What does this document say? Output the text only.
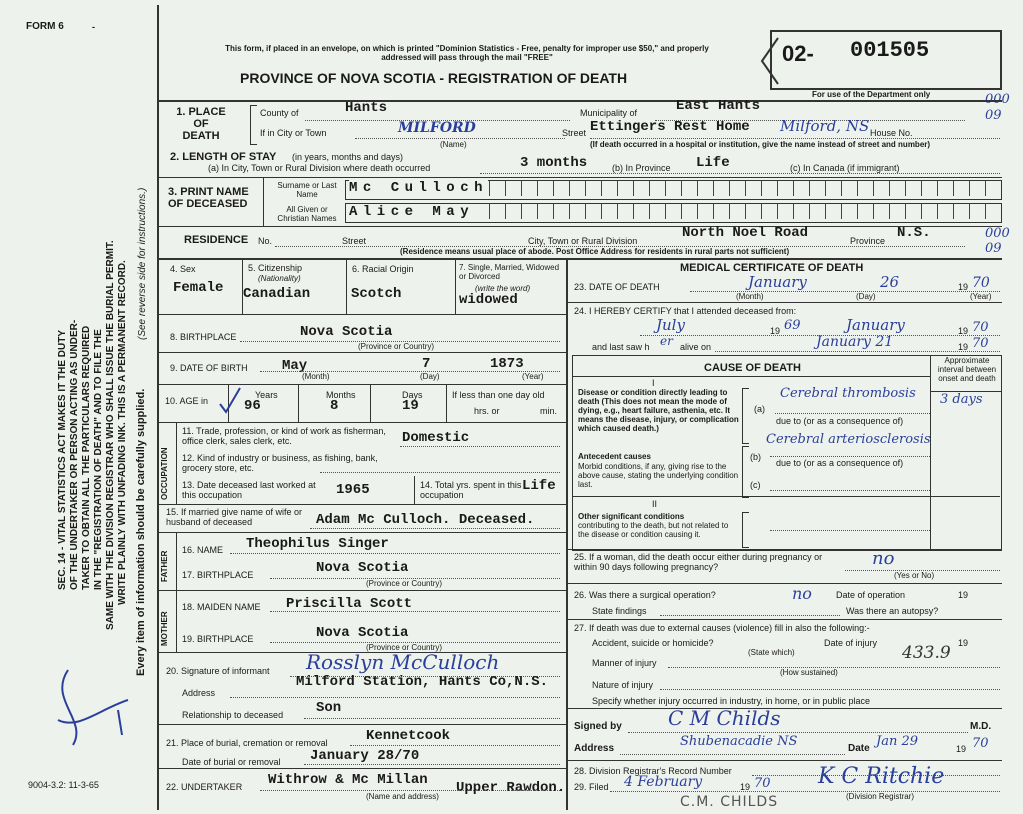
FORM 6	-
SEC. 14 - VITAL STATISTICS ACT MAKES IT THE DUTY OF THE UNDERTAKER OR PERSON ACTING AS UNDER- TAKER TO OBTAIN ALL THE PARTICULARS REQUIRED IN THE "REGISTRATION OF DEATH" AND TO FILE THE SAME WITH THE DIVISION REGISTRAR WHO SHALL ISSUE THE BURIAL PERMIT. WRITE PLAINLY WITH UNFADING INK. THIS IS A PERMANENT RECORD. Every item of information should be carefully supplied.
(See reverse side for instructions.)
9004-3.2: 11-3-65
This form, if placed in an envelope, on which is printed "Dominion Statistics - Free, penalty for improper use $50," and properly addressed will pass through the mail "FREE"
PROVINCE OF NOVA SCOTIA - REGISTRATION OF DEATH
02- 001505
For use of the Department only	000
09
1. PLACE OF DEATH
County of	Hants	Municipality of	East Hants
If in City or Town	MILFORD
(Name)
Street Ettingers Rest Home Milford, NS House No.
(If death occurred in a hospital or institution, give the name instead of street and number)
2. LENGTH OF STAY (in years, months and days)
(a) In City, Town or Rural Division where death occurred	3 months	(b) In Province Life	(c) In Canada (if immigrant)
3. PRINT NAME OF DECEASED
Surname or Last Name
All Given or Christian Names
Mc Culloch
Alice May
RESIDENCE No.	Street	City, Town or Rural Division	North Noel Road	Province N.S.	000
09
(Residence means usual place of abode. Post Office Address for residents in rural parts not sufficient)
4. Sex
Female
5. Citizenship
(Nationality)
Canadian
6. Racial Origin
Scotch
7. Single, Married, Widowed or Divorced
(write the word)
widowed
8. BIRTHPLACE	Nova Scotia
(Province or Country)
9. DATE OF BIRTH May	7	1873
(Month)	(Day)	(Year)
10. AGE in
Years	Months	Days
96	8	19
If less than one day old
hrs. or	min.
OCCUPATION
11. Trade, profession, or kind of work as fisherman, office clerk, sales clerk, etc.	Domestic
12. Kind of industry or business, as fishing, bank, grocery store, etc.
13. Date deceased last worked at this occupation	1965	14. Total yrs. spent in this occupation
Life
15. If married give name of wife or husband of deceased	Adam Mc Culloch. Deceased.
FATHER
16. NAME Theophilus Singer
17. BIRTHPLACE	Nova Scotia
(Province or Country)
MOTHER
18. MAIDEN NAME Priscilla Scott
19. BIRTHPLACE	Nova Scotia
(Province or Country)
20. Signature of informant Rosslyn McCulloch
Address
Milford Station, Hants Co,N.S.
Relationship to deceased Son
21. Place of burial, cremation or removal	Kennetcook
Date of burial or removal January 28/70
22. UNDERTAKER Withrow & Mc Millan Upper Rawdon.
(Name and address)
MEDICAL CERTIFICATE OF DEATH
23. DATE OF DEATH	January	26	19 70
(Month)	(Day)	(Year)
24. I HEREBY CERTIFY that I attended deceased from:
July	19 69	January	19 70
and last saw h er alive on	January 21	19 70
CAUSE OF DEATH
Approximate interval between onset and death
I
Disease or condition directly leading to death (This does not mean the mode of dying, e.g., heart failure, asthenia, etc. It means the disease, injury, or complication which caused death.)
(a)
Cerebral thrombosis 3 days
due to (or as a consequence of)
Cerebral arteriosclerosis
Antecedent causes
Morbid conditions, if any, giving rise to the above cause, stating the underlying condition last.
(b)
due to (or as a consequence of)
(c)
II
Other significant conditions
contributing to the death, but not related to the disease or condition causing it.
25. If a woman, did the death occur either during pregnancy or within 90 days following pregnancy?	no
(Yes or No)
26. Was there a surgical operation?	no	Date of operation	19
State findings	Was there an autopsy?
27. If death was due to external causes (violence) fill in also the following:-
Accident, suicide or homicide?	Date of injury	19
(State which)	433.9
Manner of injury
(How sustained)
Nature of injury
Specify whether injury occurred in industry, in home, or in public place
Signed by C M Childs	M.D.
Address	Shubenacadie NS	Date Jan 29	19 70
28. Division Registrar's Record Number
29. Filed 4 February	19 70 K C Ritchie
(Division Registrar)
C.M. CHILDS
